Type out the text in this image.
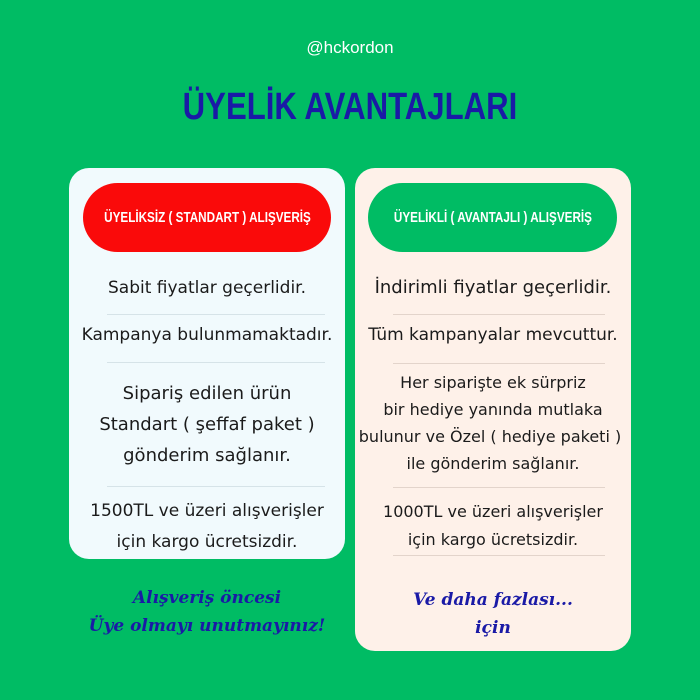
@hckordon
ÜYELİK AVANTAJLARI
ÜYELİKSİZ ( STANDART ) ALIŞVERİŞ
Sabit fiyatlar geçerlidir.
Kampanya bulunmamaktadır.
Sipariş edilen ürün
Standart ( şeffaf paket )
gönderim sağlanır.
1500TL ve üzeri alışverişler
için kargo ücretsizdir.
ÜYELİKLİ ( AVANTAJLI ) ALIŞVERİŞ
İndirimli fiyatlar geçerlidir.
Tüm kampanyalar mevcuttur.
Her siparişte ek sürpriz
bir hediye yanında mutlaka
bulunur ve Özel ( hediye paketi )
ile gönderim sağlanır.
1000TL ve üzeri alışverişler
için kargo ücretsizdir.
Ve daha fazlası...
için
Alışveriş öncesi
Üye olmayı unutmayınız!
